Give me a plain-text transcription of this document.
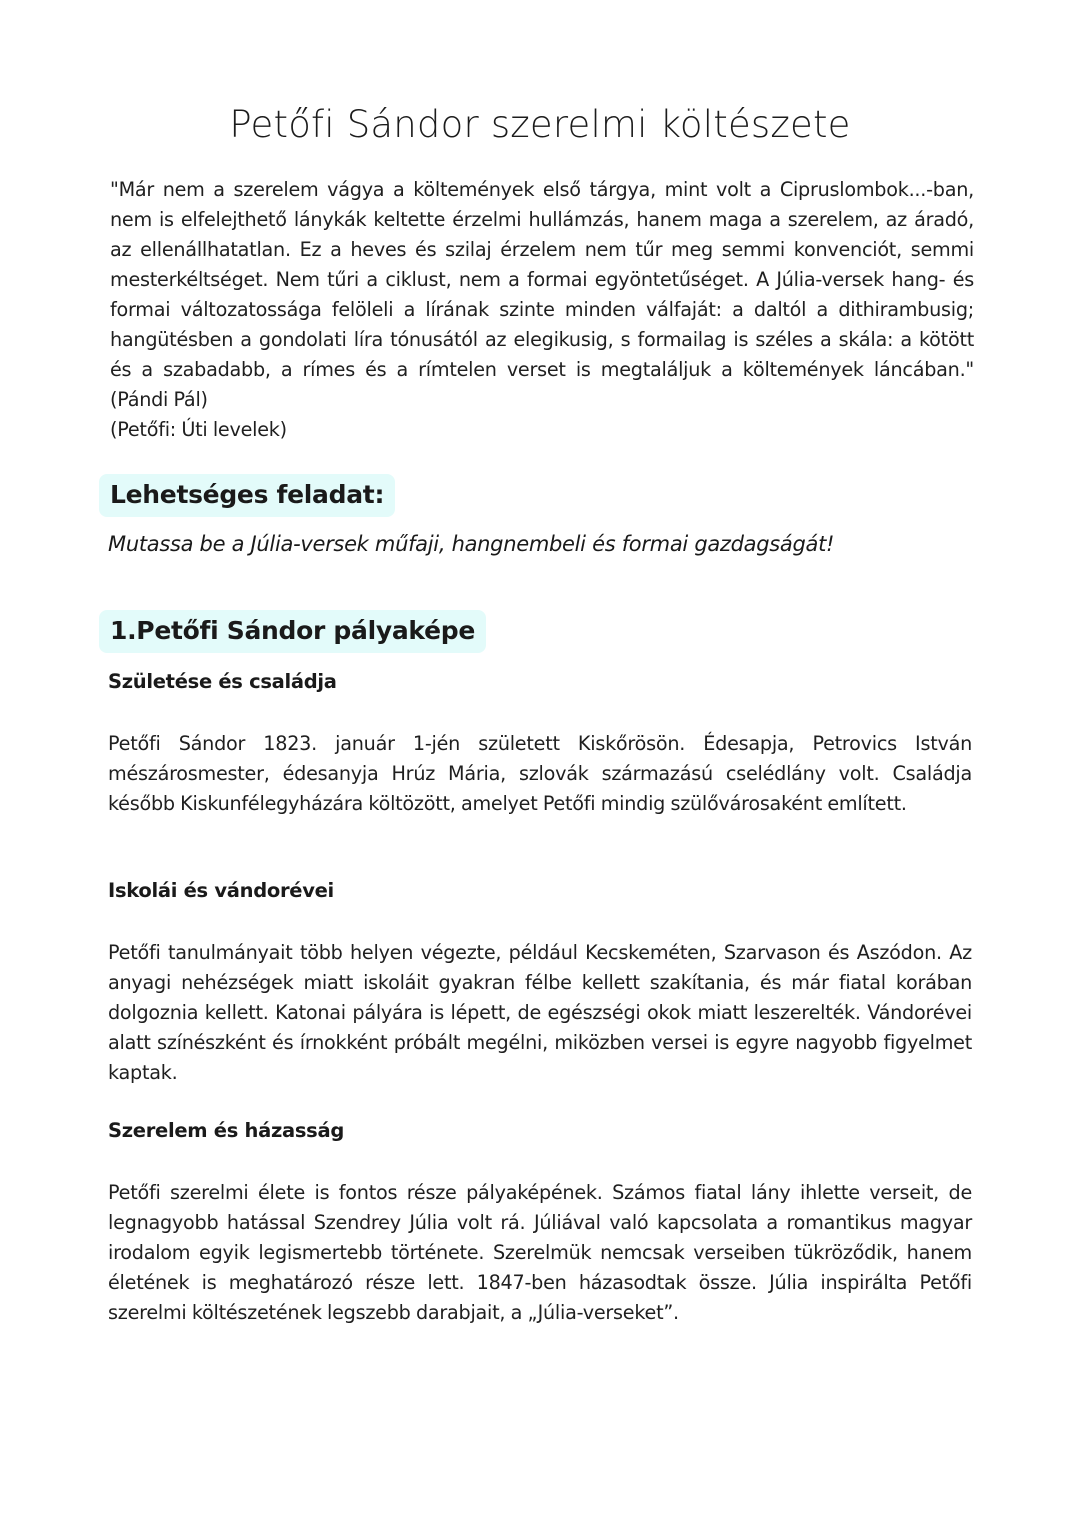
Petőfi Sándor szerelmi költészete

"Már nem a szerelem vágya a költemények első tárgya, mint volt a Cipruslombok...-ban, nem is elfelejthető lánykák keltette érzelmi hullámzás, hanem maga a szerelem, az áradó, az ellenállhatatlan. Ez a heves és szilaj érzelem nem tűr meg semmi konvenciót, semmi mesterkéltséget. Nem tűri a ciklust, nem a formai egyöntetűséget. A Júlia-versek hang- és formai változatossága felöleli a lírának szinte minden válfaját: a daltól a dithirambusig; hangütésben a gondolati líra tónusától az elegikusig, s formailag is széles a skála: a kötött és a szabadabb, a rímes és a rímtelen verset is megtaláljuk a költemények láncában." (Pándi Pál)
(Petőfi: Úti levelek)

Lehetséges feladat:

Mutassa be a Júlia-versek műfaji, hangnembeli és formai gazdagságát!

1.Petőfi Sándor pályaképe
Születése és családja

Petőfi Sándor 1823. január 1-jén született Kiskőrösön. Édesapja, Petrovics István mészárosmester, édesanyja Hrúz Mária, szlovák származású cselédlány volt. Családja később Kiskunfélegyházára költözött, amelyet Petőfi mindig szülővárosaként említett.

Iskolái és vándorévei

Petőfi tanulmányait több helyen végezte, például Kecskeméten, Szarvason és Aszódon. Az anyagi nehézségek miatt iskoláit gyakran félbe kellett szakítania, és már fiatal korában dolgoznia kellett. Katonai pályára is lépett, de egészségi okok miatt leszerelték. Vándorévei alatt színészként és írnokként próbált megélni, miközben versei is egyre nagyobb figyelmet kaptak.

Szerelem és házasság

Petőfi szerelmi élete is fontos része pályaképének. Számos fiatal lány ihlette verseit, de legnagyobb hatással Szendrey Júlia volt rá. Júliával való kapcsolata a romantikus magyar irodalom egyik legismertebb története. Szerelmük nemcsak verseiben tükröződik, hanem életének is meghatározó része lett. 1847-ben házasodtak össze. Júlia inspirálta Petőfi szerelmi költészetének legszebb darabjait, a „Júlia-verseket”.
